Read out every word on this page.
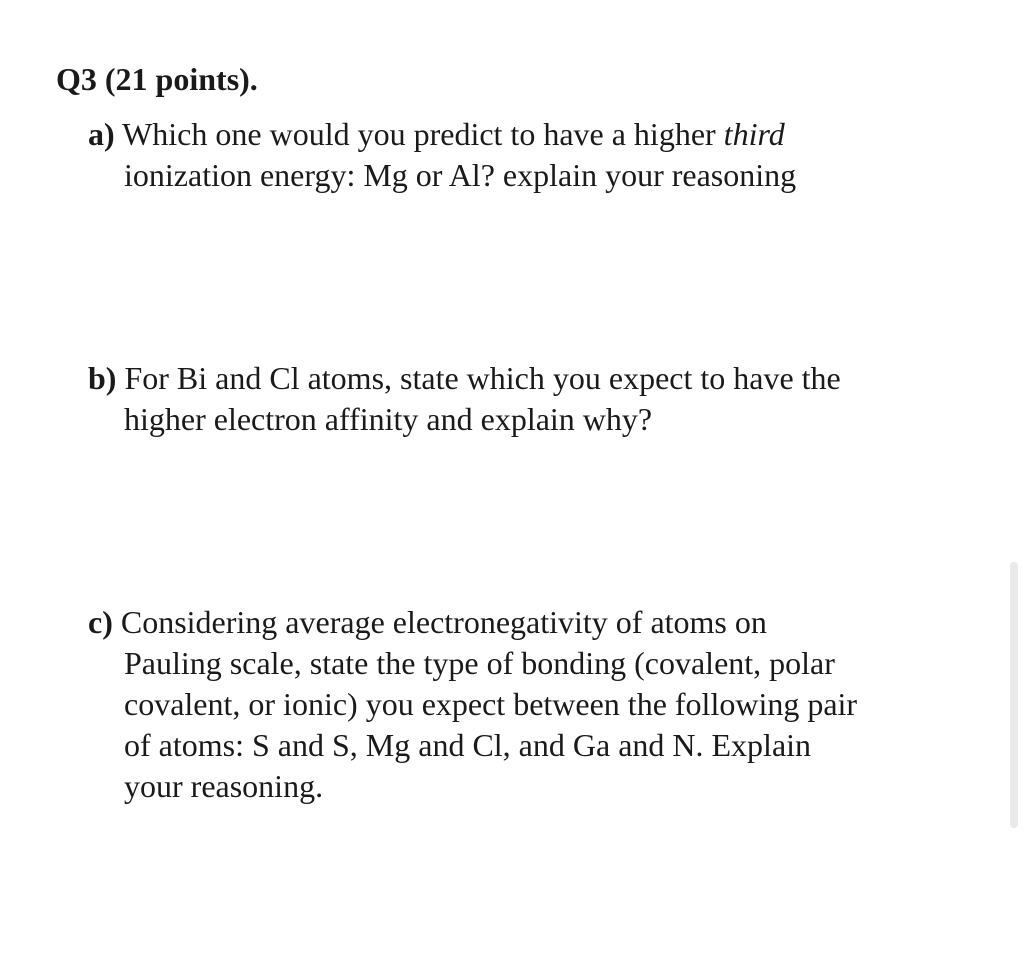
Q3 (21 points).
a) Which one would you predict to have a higher third
ionization energy: Mg or Al? explain your reasoning
b) For Bi and Cl atoms, state which you expect to have the
higher electron affinity and explain why?
c) Considering average electronegativity of atoms on
Pauling scale, state the type of bonding (covalent, polar
covalent, or ionic) you expect between the following pair
of atoms: S and S, Mg and Cl, and Ga and N. Explain
your reasoning.
